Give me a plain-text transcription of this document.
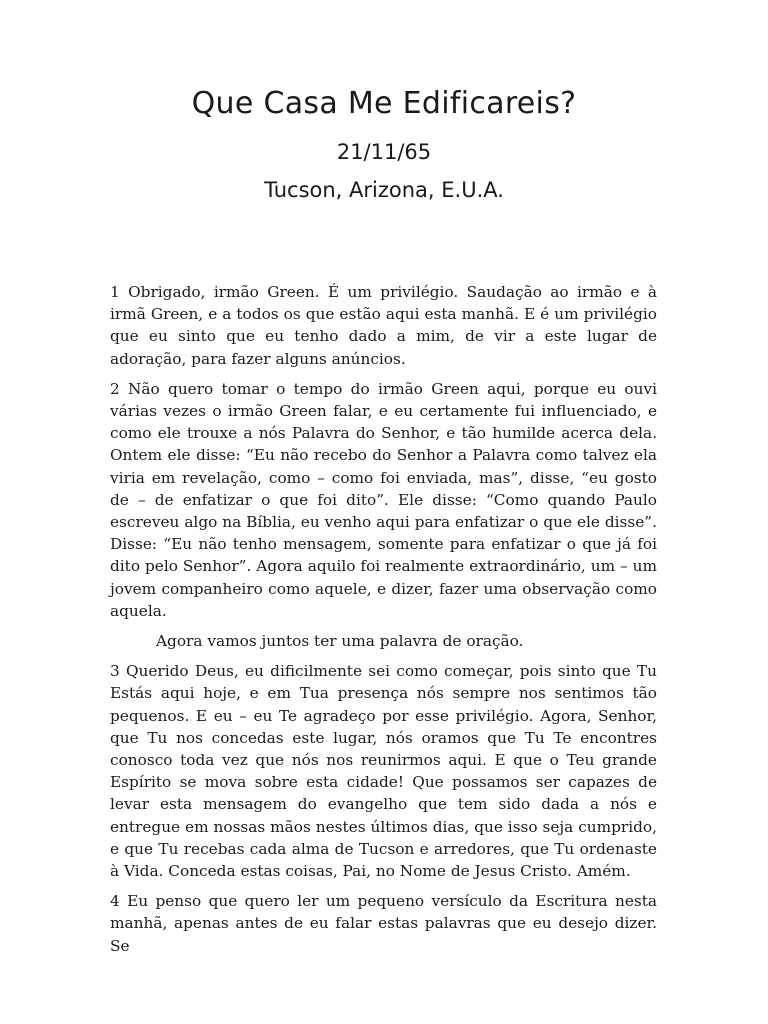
Que Casa Me Edificareis?
21/11/65
Tucson, Arizona, E.U.A.

1 Obrigado, irmão Green. É um privilégio. Saudação ao irmão e à irmã Green, e a todos os que estão aqui esta manhã. E é um privilégio que eu sinto que eu tenho dado a mim, de vir a este lugar de adoração, para fazer alguns anúncios.

2 Não quero tomar o tempo do irmão Green aqui, porque eu ouvi várias vezes o irmão Green falar, e eu certamente fui influenciado, e como ele trouxe a nós Palavra do Senhor, e tão humilde acerca dela. Ontem ele disse: “Eu não recebo do Senhor a Palavra como talvez ela viria em revelação, como – como foi enviada, mas”, disse, “eu gosto de – de enfatizar o que foi dito”. Ele disse: “Como quando Paulo escreveu algo na Bíblia, eu venho aqui para enfatizar o que ele disse”. Disse: “Eu não tenho mensagem, somente para enfatizar o que já foi dito pelo Senhor”. Agora aquilo foi realmente extraordinário, um – um jovem companheiro como aquele, e dizer, fazer uma observação como aquela.

Agora vamos juntos ter uma palavra de oração.

3 Querido Deus, eu dificilmente sei como começar, pois sinto que Tu Estás aqui hoje, e em Tua presença nós sempre nos sentimos tão pequenos. E eu – eu Te agradeço por esse privilégio. Agora, Senhor, que Tu nos concedas este lugar, nós oramos que Tu Te encontres conosco toda vez que nós nos reunirmos aqui. E que o Teu grande Espírito se mova sobre esta cidade! Que possamos ser capazes de levar esta mensagem do evangelho que tem sido dada a nós e entregue em nossas mãos nestes últimos dias, que isso seja cumprido, e que Tu recebas cada alma de Tucson e arredores, que Tu ordenaste à Vida. Conceda estas coisas, Pai, no Nome de Jesus Cristo. Amém.

4 Eu penso que quero ler um pequeno versículo da Escritura nesta manhã, apenas antes de eu falar estas palavras que eu desejo dizer. Se
